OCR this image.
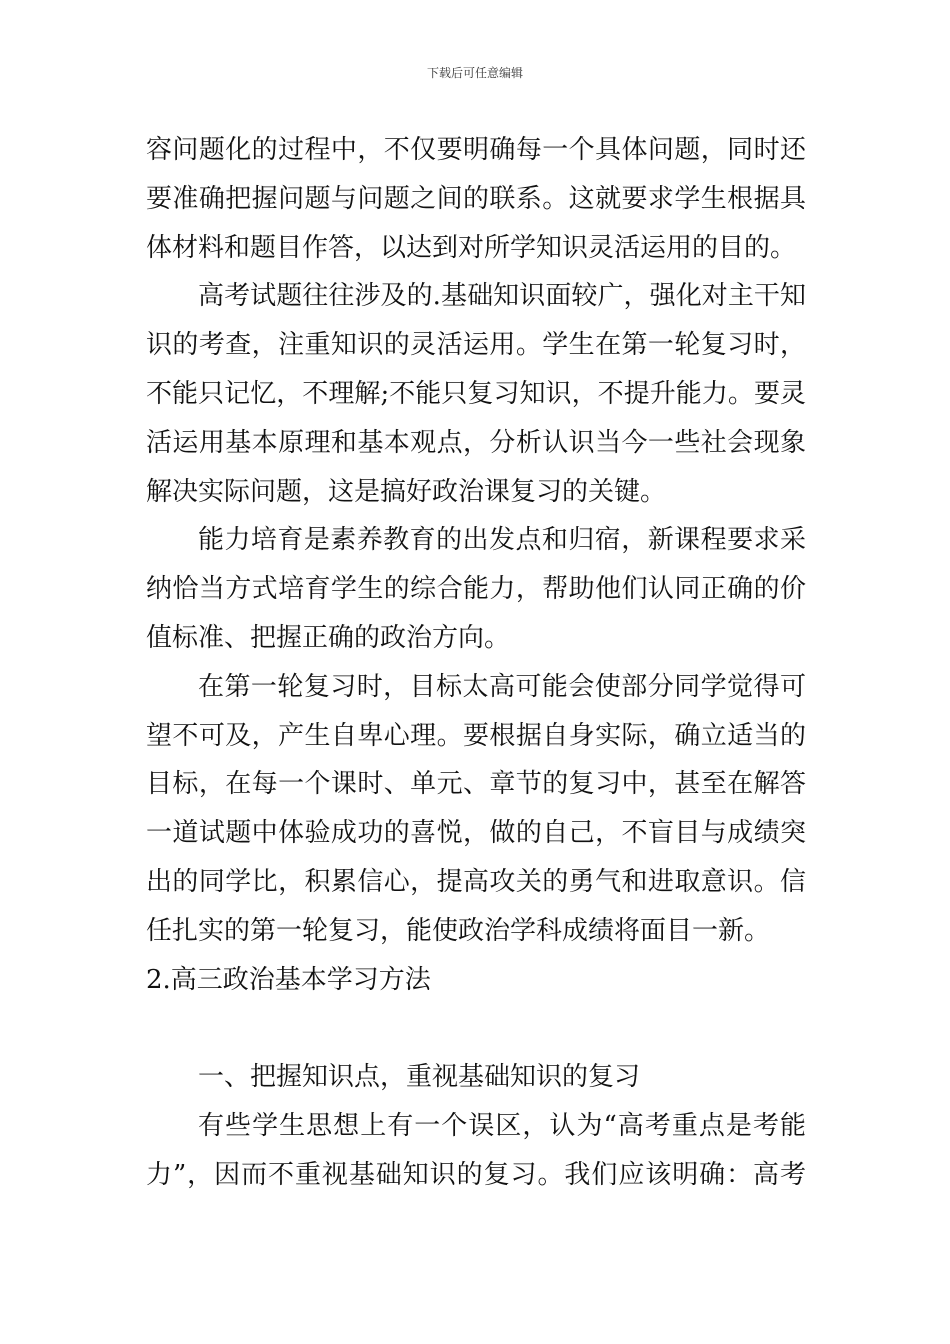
下载后可任意编辑
容问题化的过程中，不仅要明确每一个具体问题，同时还
要准确把握问题与问题之间的联系。这就要求学生根据具
体材料和题目作答，以达到对所学知识灵活运用的目的。
高考试题往往涉及的.基础知识面较广，强化对主干知
识的考查，注重知识的灵活运用。学生在第一轮复习时，
不能只记忆，不理解;不能只复习知识，不提升能力。要灵
活运用基本原理和基本观点，分析认识当今一些社会现象
解决实际问题，这是搞好政治课复习的关键。
能力培育是素养教育的出发点和归宿，新课程要求采
纳恰当方式培育学生的综合能力，帮助他们认同正确的价
值标准、把握正确的政治方向。
在第一轮复习时，目标太高可能会使部分同学觉得可
望不可及，产生自卑心理。要根据自身实际，确立适当的
目标，在每一个课时、单元、章节的复习中，甚至在解答
一道试题中体验成功的喜悦，做的自己，不盲目与成绩突
出的同学比，积累信心，提高攻关的勇气和进取意识。信
任扎实的第一轮复习，能使政治学科成绩将面目一新。
2.高三政治基本学习方法
一、把握知识点，重视基础知识的复习
有些学生思想上有一个误区，认为“高考重点是考能
力”，因而不重视基础知识的复习。我们应该明确：高考
